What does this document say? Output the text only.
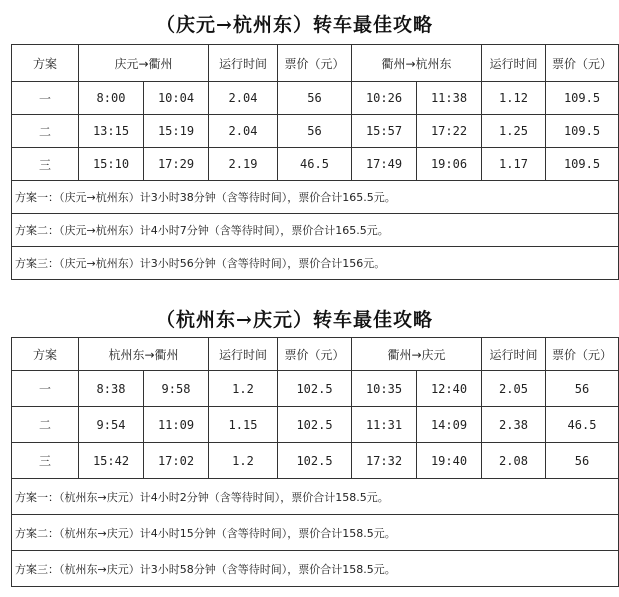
（庆元→杭州东）转车最佳攻略
方案	庆元→衢州		运行时间	票价（元）	衢州→杭州东		运行时间	票价（元）
一	8:00	10:04	2.04	56	10:26	11:38	1.12	109.5
二	13:15	15:19	2.04	56	15:57	17:22	1.25	109.5
三	15:10	17:29	2.19	46.5	17:49	19:06	1.17	109.5
方案一：（庆元→杭州东）计3小时38分钟（含等待时间），票价合计165.5元。								
方案二：（庆元→杭州东）计4小时7分钟（含等待时间），票价合计165.5元。								
方案三：（庆元→杭州东）计3小时56分钟（含等待时间），票价合计156元。								
（杭州东→庆元）转车最佳攻略
方案	杭州东→衢州		运行时间	票价（元）	衢州→庆元		运行时间	票价（元）
一	8:38	9:58	1.2	102.5	10:35	12:40	2.05	56
二	9:54	11:09	1.15	102.5	11:31	14:09	2.38	46.5
三	15:42	17:02	1.2	102.5	17:32	19:40	2.08	56
方案一：（杭州东→庆元）计4小时2分钟（含等待时间），票价合计158.5元。								
方案二：（杭州东→庆元）计4小时15分钟（含等待时间），票价合计158.5元。								
方案三：（杭州东→庆元）计3小时58分钟（含等待时间），票价合计158.5元。								
